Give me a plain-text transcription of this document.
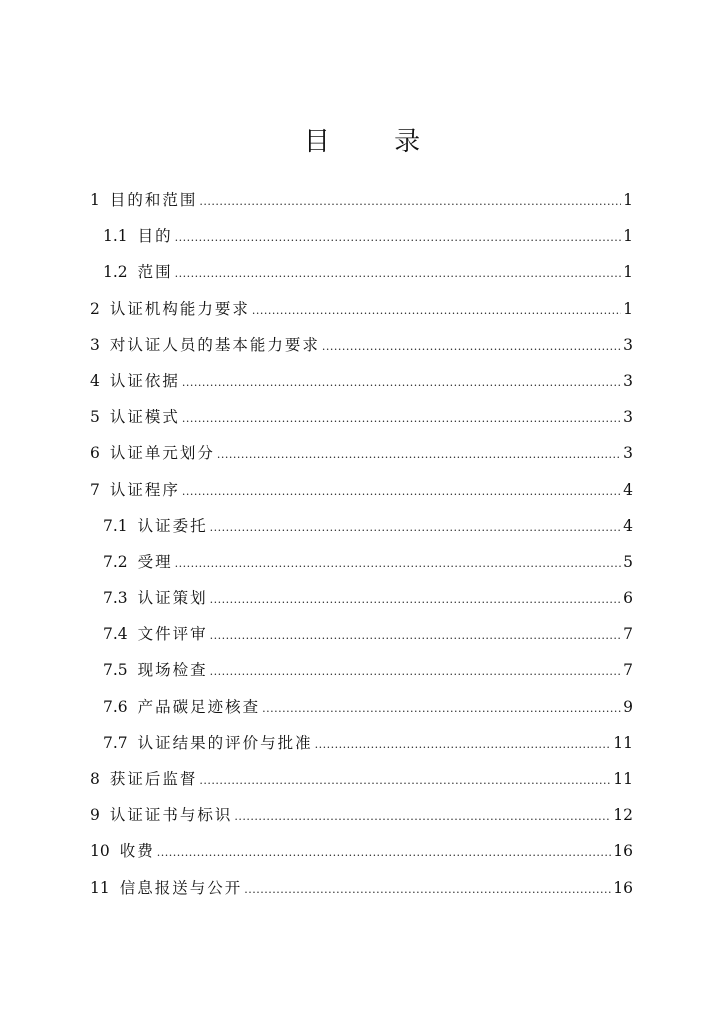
目 录
1 目的和范围 .....	1
1.1 目的 .....	1
1.2 范围 .....	1
2 认证机构能力要求 .....	1
3 对认证人员的基本能力要求 .....	3
4 认证依据 .....	3
5 认证模式 .....	3
6 认证单元划分 .....	3
7 认证程序 .....	4
7.1 认证委托 .....	4
7.2 受理 .....	5
7.3 认证策划 .....	6
7.4 文件评审 .....	7
7.5 现场检查 .....	7
7.6 产品碳足迹核查 .....	9
7.7 认证结果的评价与批准 .....	11
8 获证后监督 .....	11
9 认证证书与标识 .....	12
10 收费 .....	16
11 信息报送与公开 .....	16
